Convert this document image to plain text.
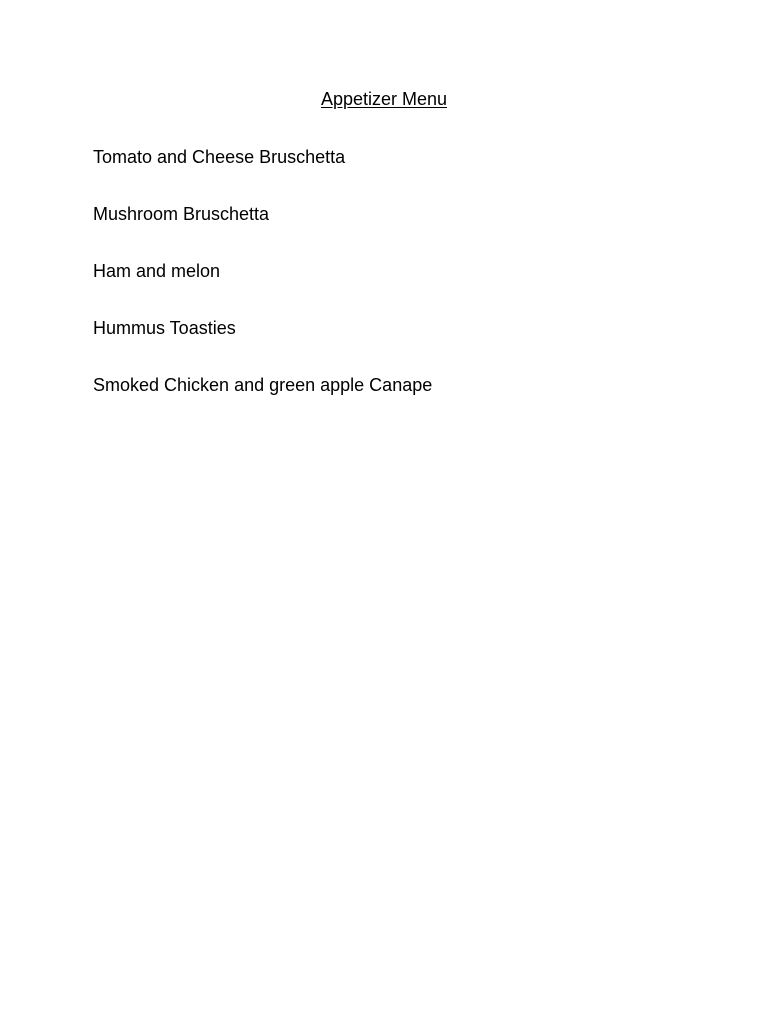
Appetizer Menu
Tomato and Cheese Bruschetta
Mushroom Bruschetta
Ham and melon
Hummus Toasties
Smoked Chicken and green apple Canape
